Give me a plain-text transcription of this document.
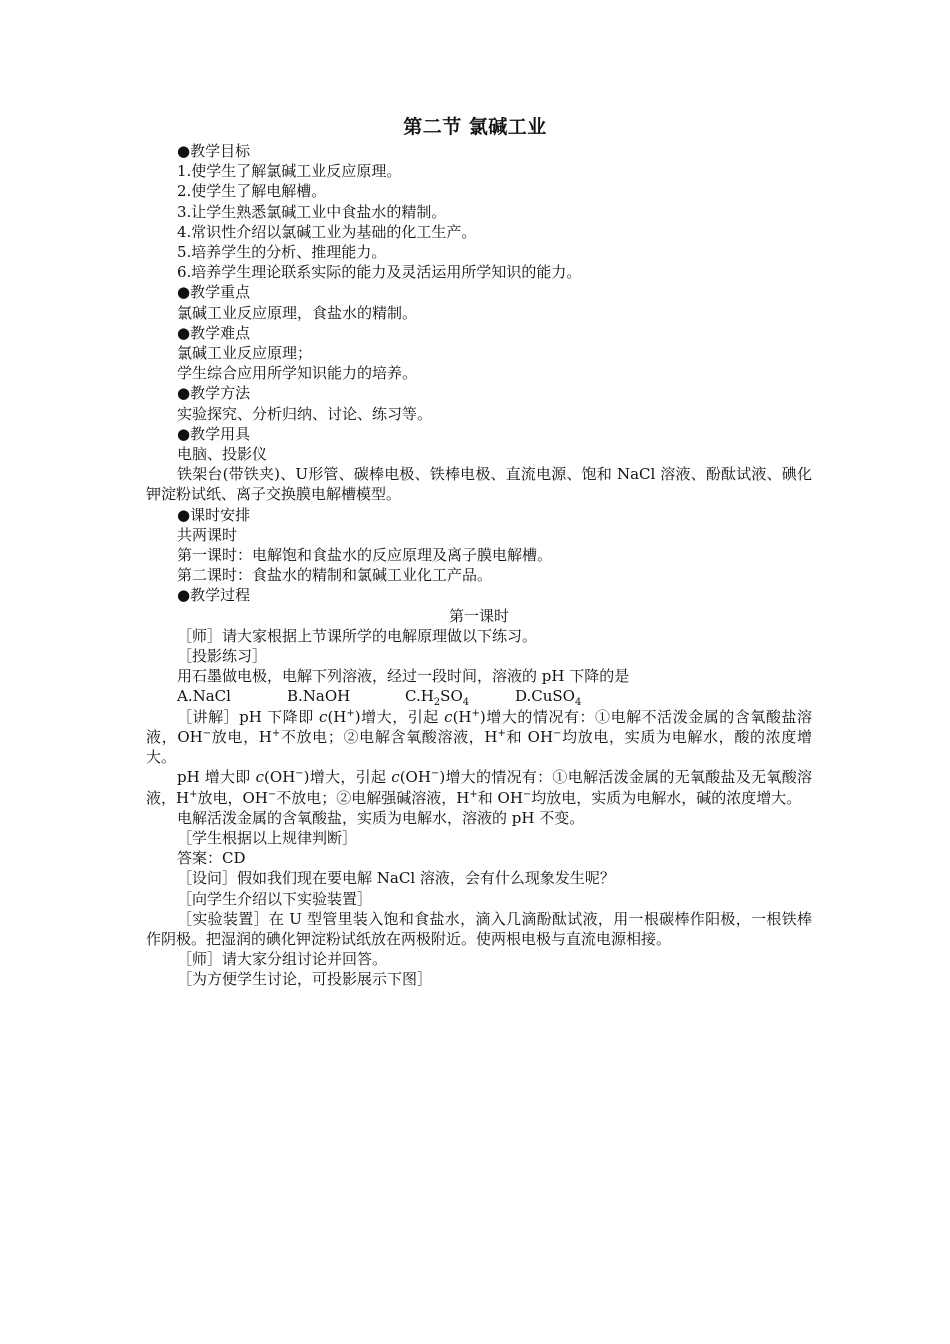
第二节 氯碱工业

●教学目标

1.使学生了解氯碱工业反应原理。

2.使学生了解电解槽。

3.让学生熟悉氯碱工业中食盐水的精制。

4.常识性介绍以氯碱工业为基础的化工生产。

5.培养学生的分析、推理能力。

6.培养学生理论联系实际的能力及灵活运用所学知识的能力。

●教学重点

氯碱工业反应原理，食盐水的精制。

●教学难点

氯碱工业反应原理；

学生综合应用所学知识能力的培养。

●教学方法

实验探究、分析归纳、讨论、练习等。

●教学用具

电脑、投影仪

铁架台(带铁夹)、U形管、碳棒电极、铁棒电极、直流电源、饱和 NaCl 溶液、酚酞试液、碘化钾淀粉试纸、离子交换膜电解槽模型。

●课时安排

共两课时

第一课时：电解饱和食盐水的反应原理及离子膜电解槽。

第二课时：食盐水的精制和氯碱工业化工产品。

●教学过程

第一课时

［师］请大家根据上节课所学的电解原理做以下练习。

［投影练习］

用石墨做电极，电解下列溶液，经过一段时间，溶液的 pH 下降的是

A.NaCl	B.NaOH	$C.H_2SO_4$	D.CuSO$_4$

［讲解］pH 下降即 c(H+)增大，引起 c(H+)增大的情况有：①电解不活泼金属的含氧酸盐溶液，OH−放电，H+不放电；②电解含氧酸溶液，H+和 OH−均放电，实质为电解水，酸的浓度增大。

pH 增大即 c(OH−)增大，引起 c(OH−)增大的情况有：①电解活泼金属的无氧酸盐及无氧酸溶液，H+放电，OH−不放电；②电解强碱溶液，H+和 OH−均放电，实质为电解水，碱的浓度增大。

电解活泼金属的含氧酸盐，实质为电解水，溶液的 pH 不变。

［学生根据以上规律判断］

答案：CD

［设问］假如我们现在要电解 NaCl 溶液，会有什么现象发生呢？

［向学生介绍以下实验装置］

［实验装置］在 U 型管里装入饱和食盐水，滴入几滴酚酞试液，用一根碳棒作阳极，一根铁棒作阴极。把湿润的碘化钾淀粉试纸放在两极附近。使两根电极与直流电源相接。

［师］请大家分组讨论并回答。

［为方便学生讨论，可投影展示下图］
